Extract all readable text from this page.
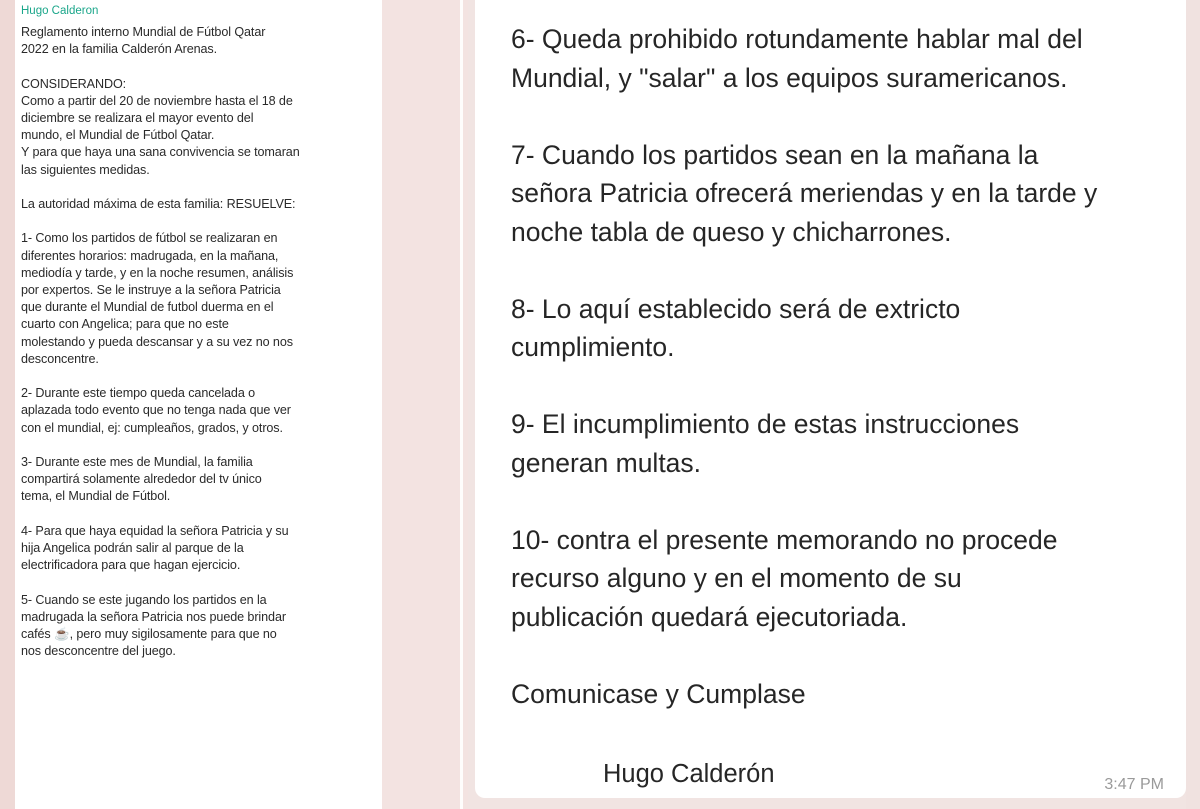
Hugo Calderon

Reglamento interno Mundial de Fútbol Qatar
2022 en la familia Calderón Arenas.

CONSIDERANDO:
Como a partir del 20 de noviembre hasta el 18 de
diciembre se realizara el mayor evento del
mundo, el Mundial de Fútbol Qatar.
Y para que haya una sana convivencia se tomaran
las siguientes medidas.

La autoridad máxima de esta familia: RESUELVE:

1- Como los partidos de fútbol se realizaran en
diferentes horarios: madrugada, en la mañana,
mediodía y tarde, y en la noche resumen, análisis
por expertos. Se le instruye a la señora Patricia
que durante el Mundial de futbol duerma en el
cuarto con Angelica; para que no este
molestando y pueda descansar y a su vez no nos
desconcentre.

2- Durante este tiempo queda cancelada o
aplazada todo evento que no tenga nada que ver
con el mundial, ej: cumpleaños, grados, y otros.

3- Durante este mes de Mundial, la familia
compartirá solamente alrededor del tv único
tema, el Mundial de Fútbol.

4- Para que haya equidad la señora Patricia y su
hija Angelica podrán salir al parque de la
electrificadora para que hagan ejercicio.

5- Cuando se este jugando los partidos en la
madrugada la señora Patricia nos puede brindar
cafés ☕, pero muy sigilosamente para que no
nos desconcentre del juego.

6- Queda prohibido rotundamente hablar mal del
Mundial, y "salar" a los equipos suramericanos.

7- Cuando los partidos sean en la mañana la
señora Patricia ofrecerá meriendas y en la tarde y
noche tabla de queso y chicharrones.

8- Lo aquí establecido será de extricto
cumplimiento.

9- El incumplimiento de estas instrucciones
generan multas.

10- contra el presente memorando no procede
recurso alguno y en el momento de su
publicación quedará ejecutoriada.

Comunicase y Cumplase

Hugo Calderón	3:47 PM
